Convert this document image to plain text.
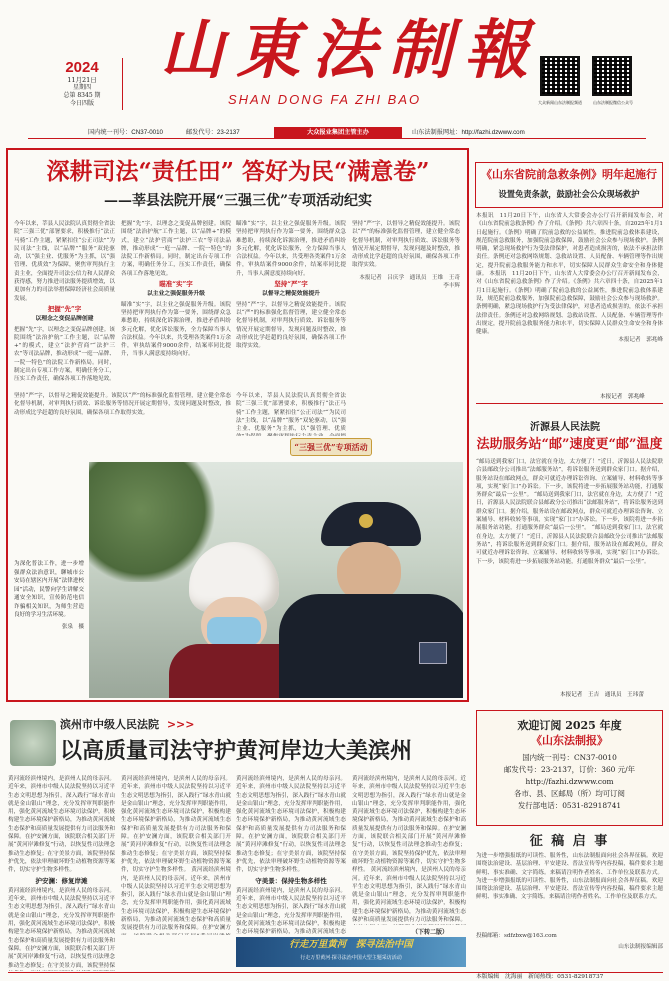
2024
11月21日
星期四
总第 8345 期
今日四版
山東法制報
SHAN DONG FA ZHI BAO	大众新闻山东法制报频道	山东法制报微信公众号
国内统一刊号：CN37-0010	邮发代号：23-2137	大众报业集团主管主办	山东法制报网址：http://fazhi.dzwww.com
深耕司法“责任田” 答好为民“满意卷”
——莘县法院开展“三强三优”专项活动纪实
今年以来，莘县人民法院认真贯彻全省法院“三强三优”部署要求，积极推行“法正马骑”工作主题，紧紧扣住“公正司法”“为民司法”主线，以“品牌”“服务”双轮驱动，以“强主业、优服务”为主抓，以“强管理、优质效”为保障，聚焦审判执行主责主业，全面提升司法公信力和人民群众获得感，努力推进司法服务提质增效，以更加有力的司法举措保障经济社会高质量发展。
把握“先”字
以理念之变促品牌创建
把握“先”字，以理念之变促品牌创建。该院围绕“法治护航”工作主题，以“品牌+”的模式，建立“法护营商”“法护三农”等司法品牌，推动形成“一庭一品牌、一院一特色”的法院工作新格局。同时，制定出台专项工作方案，明确任务分工，压实工作责任，确保各项工作落地见效。
把握“先”字，以理念之变促品牌创建。该院围绕“法治护航”工作主题，以“品牌+”的模式，建立“法护营商”“法护三农”等司法品牌，推动形成“一庭一品牌、一院一特色”的法院工作新格局。同时，制定出台专项工作方案，明确任务分工，压实工作责任，确保各项工作落地见效。
瞄准“实”字
以主业之强促服务升级
瞄准“实”字，以主业之强促服务升级。该院坚持把审判执行作为第一要务，围绕群众急难愁盼，持续深化诉源治理，推进矛盾纠纷多元化解，优化诉讼服务，全力保障当事人合法权益。今年以来，共受理各类案件1万余件，审执结案件9000余件，结案率同比提升，当事人满意度持续向好。
瞄准“实”字，以主业之强促服务升级。该院坚持把审判执行作为第一要务，围绕群众急难愁盼，持续深化诉源治理，推进矛盾纠纷多元化解，优化诉讼服务，全力保障当事人合法权益。今年以来，共受理各类案件1万余件，审执结案件9000余件，结案率同比提升，当事人满意度持续向好。
坚持“严”字
以督导之精促效能提升
坚持“严”字，以督导之精促效能提升。该院以“严”的标准强化监督管理，建立健全常态化督导机制，对审判执行质效、诉讼服务等情况开展定期督导，发现问题及时整改，推动形成比学赶超的良好氛围，确保各项工作取得实效。
坚持“严”字，以督导之精促效能提升。该院以“严”的标准强化监督管理，建立健全常态化督导机制，对审判执行质效、诉讼服务等情况开展定期督导，发现问题及时整改，推动形成比学赶超的良好氛围，确保各项工作取得实效。
本报记者　吕庆学　通讯员　王维　王奇　李丰辉
今年以来，莘县人民法院认真贯彻全省法院“三强三优”部署要求，积极推行“法正马骑”工作主题，紧紧扣住“公正司法”“为民司法”主线，以“品牌”“服务”双轮驱动，以“强主业、优服务”为主抓，以“强管理、优质
坚持“严”字，以督导之精促效能提升。该院以“严”的标准强化监督管理，建立健全常态化督导机制，对审判执行质效、诉讼服务等情况开展定期督导，发现问题及时整改，推动形成比学赶超的良好氛围，确保各项工作取得实效。
“三强三优”专项活动
为深化普法工作，进一步增强群众法治意识，聊城市公安局在辖区内开展“法律进校园”活动，民警向学生讲解交通安全知识，宣传防范电信诈骗相关知识，为师生营造良好的学习生活环境。
张泉　摄
《山东省院前急救条例》明年起施行
设置免责条款，鼓励社会公众现场救护
本报讯　11月20日下午，山东省人大常委会办公厅召开新闻发布会，对《山东省院前急救条例》作了介绍。《条例》共六章四十条，自2025年1月1日起施行。《条例》明确了院前急救的公益属性，推进院前急救体系建设，规范院前急救服务，加强院前急救保障，鼓励社会公众参与现场救护。条例明确，紧急现场救护行为受法律保护，对患者造成损害的，依法不承担法律责任。条例还对急救网络规划、急救站设置、人员配备、车辆管理等作出规定，提升院前急救服务能力和水平，切实保障人民群众生命安全和身体健康。 本报讯　11月20日下午，山东省人大常委会办公厅召开新闻发布会，对《山东省院前急救条例》作了介绍。《条例》共六章四十条，自2025年1月1日起施行。《条例》明确了院前急救的公益属性，推进院前急救体系建设，规范院前急救服务，加强院前急救保障，鼓励社会公众参与现场救护。条例明确，紧急现场救护行为受法律保护，对患者造成损害的，依法不承担法律责任。条例还对急救网络规划、急救站设置、人员配备、车辆管理等作出规定，提升院前急救服务能力和水平，切实保障人民群众生命安全和身体健康。
本报记者　郭兆峰
本报记者　郭兆峰
沂源县人民法院
法助服务站“邮”速度更“邮”温度
“邮局送到我家门口，法官就在身边，太方便了！”近日，沂源县人民法院联合县邮政分公司推出“法邮服务站”，将诉讼服务送到群众家门口。据介绍，服务站设在邮政网点，群众可就近办理诉讼咨询、立案辅导、材料收转等事项，实现“家门口”办诉讼。下一步，该院将进一步拓展服务站功能，打通服务群众“最后一公里”。 “邮局送到我家门口，法官就在身边，太方便了！”近日，沂源县人民法院联合县邮政分公司推出“法邮服务站”，将诉讼服务送到群众家门口。据介绍，服务站设在邮政网点，群众可就近办理诉讼咨询、立案辅导、材料收转等事项，实现“家门口”办诉讼。下一步，该院将进一步拓展服务站功能，打通服务群众“最后一公里”。 “邮局送到我家门口，法官就在身边，太方便了！”近日，沂源县人民法院联合县邮政分公司推出“法邮服务站”，将诉讼服务送到群众家门口。据介绍，服务站设在邮政网点，群众可就近办理诉讼咨询、立案辅导、材料收转等事项，实现“家门口”办诉讼。下一步，该院将进一步拓展服务站功能，打通服务群众“最后一公里”。
本报记者　王吉　通讯员　王玮蕾
欢迎订阅 2025 年度
《山东法制报》
国内统一刊号：CN37-0010
邮发代号：23-2137，订价：360 元/年
http://fazhi.dzwww.com
各市、县、区邮局（所）均可订阅
发行部电话：0531-82918741
滨州市中级人民法院 >>>
以高质量司法守护黄河岸边大美滨州
黄河流经滨州境内，是滨州人民的母亲河。近年来，滨州市中级人民法院坚持以习近平生态文明思想为指引，深入践行“绿水青山就是金山银山”理念，充分发挥审判职能作用，强化黄河流域生态环境司法保护，积极构建生态环境保护新格局，为推动黄河流域生态保护和高质量发展提供有力司法服务和保障。在护安澜方面，该院联合相关部门开展“黄河岸滩修复”行动，以恢复性司法理念推动生态修复；在守美景方面，该院坚持保护优先，依法审理破坏野生动植物资源等案件，切实守护生物多样性。
护安澜：修复岸滩
黄河流经滨州境内，是滨州人民的母亲河。近年来，滨州市中级人民法院坚持以习近平生态文明思想为指引，深入践行“绿水青山就是金山银山”理念，充分发挥审判职能作用，强化黄河流域生态环境司法保护，积极构建生态环境保护新格局，为推动黄河流域生态保护和高质量发展提供有力司法服务和保障。在护安澜方面，该院联合相关部门开展“黄河岸滩修复”行动，以恢复性司法理念推动生态修复；在守美景方面，该院坚持保
黄河流经滨州境内，是滨州人民的母亲河。近年来，滨州市中级人民法院坚持以习近平生态文明思想为指引，深入践行“绿水青山就是金山银山”理念，充分发挥审判职能作用，强化黄河流域生态环境司法保护，积极构建生态环境保护新格局，为推动黄河流域生态保护和高质量发展提供有力司法服务和保障。在护安澜方面，该院联合相关部门开展“黄河岸滩修复”行动，以恢复性司法理念推动生态修复；在守美景方面，该院坚持保护优先，依法审理破坏野生动植物资源等案件，切实守护生物多样性。 黄河流经滨州境内，是滨州人民的母亲河。近年来，滨州市中级人民法院坚持以习近平生态文明思想为指引，深入践行“绿水青山就是金山银山”理念，充分发挥审判职能作用，强化黄河流域生态环境司法保护，积极构建生态环境保护新格局，为推动黄河流域生态保护和高质量发展提供有力司法服务和保障。在护安澜方
黄河流经滨州境内，是滨州人民的母亲河。近年来，滨州市中级人民法院坚持以习近平生态文明思想为指引，深入践行“绿水青山就是金山银山”理念，充分发挥审判职能作用，强化黄河流域生态环境司法保护，积极构建生态环境保护新格局，为推动黄河流域生态保护和高质量发展提供有力司法服务和保障。在护安澜方面，该院联合相关部门开展“黄河岸滩修复”行动，以恢复性司法理念推动生态修复；在守美景方面，该院坚持保护优先，依法审理破坏野生动植物资源等案件，切实守护生物多样性。
守美景：保持生物多样性
黄河流经滨州境内，是滨州人民的母亲河。近年来，滨州市中级人民法院坚持以习近平生态文明思想为指引，深入践行“绿水青山就是金山银山”理念，充分发挥审判职能作用，强化黄河流域生态环境司法保护，积极构建生态环境保护新格局，为推动黄河流域生态
黄河流经滨州境内，是滨州人民的母亲河。近年来，滨州市中级人民法院坚持以习近平生态文明思想为指引，深入践行“绿水青山就是金山银山”理念，充分发挥审判职能作用，强化黄河流域生态环境司法保护，积极构建生态环境保护新格局，为推动黄河流域生态保护和高质量发展提供有力司法服务和保障。在护安澜方面，该院联合相关部门开展“黄河岸滩修复”行动，以恢复性司法理念推动生态修复；在守美景方面，该院坚持保护优先，依法审理破坏野生动植物资源等案件，切实守护生物多样性。 黄河流经滨州境内，是滨州人民的母亲河。近年来，滨州市中级人民法院坚持以习近平生态文明思想为指引，深入践行“绿水青山就是金山银山”理念，充分发挥审判职能作用，强化黄河流域生态环境司法保护，积极构建生态环境保护新格局，为推动黄河流域生态保护和高质量发展提供有力司法服务和保障。
（下转二版）
行走万里黄河　探寻法治中国
行走万里黄河·探寻法治中国大型主题采访活动
征 稿 启 事
为进一步增强报纸的可读性、服务性，山东法制报面向社会各界征稿。欢迎围绕法治建设、基层治理、平安建设、普法宣传等内容投稿，稿件要求主题鲜明、事实准确、文字简练。来稿请注明作者姓名、工作单位及联系方式。 为进一步增强报纸的可读性、服务性，山东法制报面向社会各界征稿。欢迎围绕法治建设、基层治理、平安建设、普法宣传等内容投稿，稿件要求主题鲜明、事实准确、文字简练。来稿请注明作者姓名、工作单位及联系方式。
投稿邮箱：sdfzbxw@163.com
山东法制报编辑部
本版编辑　沈海丽　新闻热线：0531-82918737
